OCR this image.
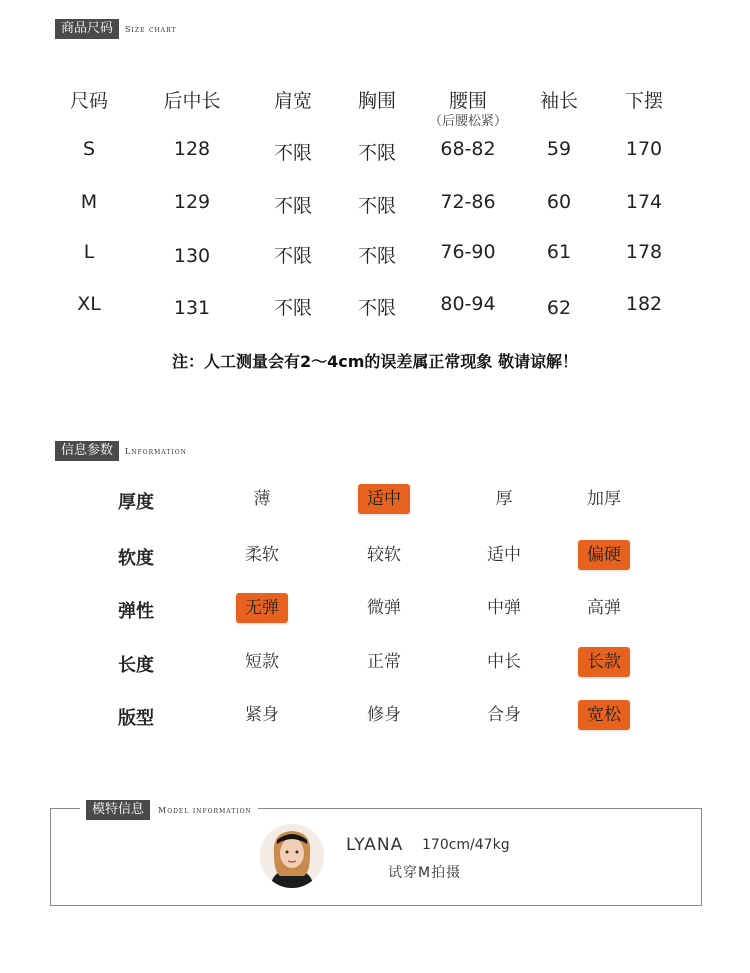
商品尺码	Size chart
尺码	后中长	肩宽	胸围	腰围	袖长	下摆
（后腰松紧）
S	128	不限	不限	68-82	59	170
M	129	不限	不限	72-86	60	174
L	130	不限	不限	76-90	61	178
XL	131	不限	不限	80-94	62	182
注：人工测量会有2～4cm的误差属正常现象 敬请谅解！
信息参数	Lnformation
厚度	薄	适中	厚	加厚
软度	柔软	较软	适中	偏硬
弹性	无弹	微弹	中弹	高弹
长度	短款	正常	中长	长款
版型	紧身	修身	合身	宽松
模特信息	Model information
LYANA 170cm/47kg
试穿M拍摄
